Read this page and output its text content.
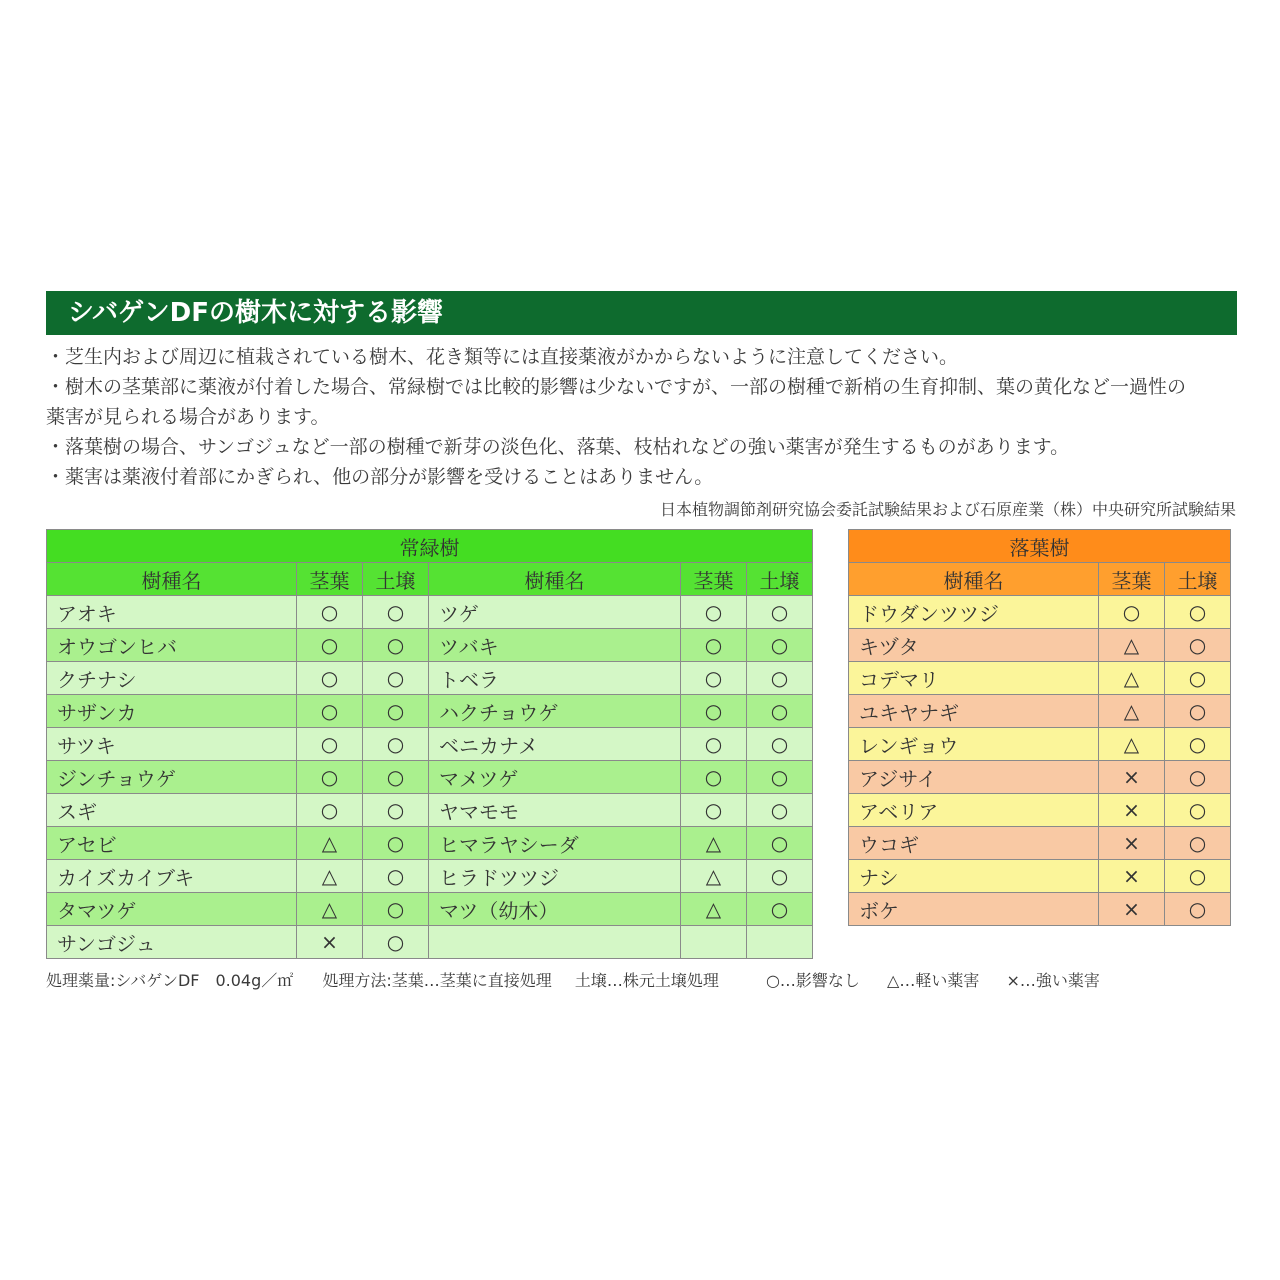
シバゲンDFの樹木に対する影響

・芝生内および周辺に植栽されている樹木、花き類等には直接薬液がかからないように注意してください。

・樹木の茎葉部に薬液が付着した場合、常緑樹では比較的影響は少ないですが、一部の樹種で新梢の生育抑制、葉の黄化など一過性の

薬害が見られる場合があります。

・落葉樹の場合、サンゴジュなど一部の樹種で新芽の淡色化、落葉、枝枯れなどの強い薬害が発生するものがあります。

・薬害は薬液付着部にかぎられ、他の部分が影響を受けることはありません。

日本植物調節剤研究協会委託試験結果および石原産業（株）中央研究所試験結果
常緑樹					
樹種名	茎葉	土壌	樹種名	茎葉	土壌
アオキ	○	○	ツゲ	○	○
オウゴンヒバ	○	○	ツバキ	○	○
クチナシ	○	○	トベラ	○	○
サザンカ	○	○	ハクチョウゲ	○	○
サツキ	○	○	ベニカナメ	○	○
ジンチョウゲ	○	○	マメツゲ	○	○
スギ	○	○	ヤマモモ	○	○
アセビ	△	○	ヒマラヤシーダ	△	○
カイズカイブキ	△	○	ヒラドツツジ	△	○
タマツゲ	△	○	マツ（幼木）	△	○
サンゴジュ	×	○			
落葉樹		
樹種名	茎葉	土壌
ドウダンツツジ	○	○
キヅタ	△	○
コデマリ	△	○
ユキヤナギ	△	○
レンギョウ	△	○
アジサイ	×	○
アベリア	×	○
ウコギ	×	○
ナシ	×	○
ボケ	×	○
処理薬量:シバゲンDF　0.04g／㎡ 処理方法:茎葉…茎葉に直接処理 土壌…株元土壌処理	○…影響なし △…軽い薬害 ×…強い薬害
